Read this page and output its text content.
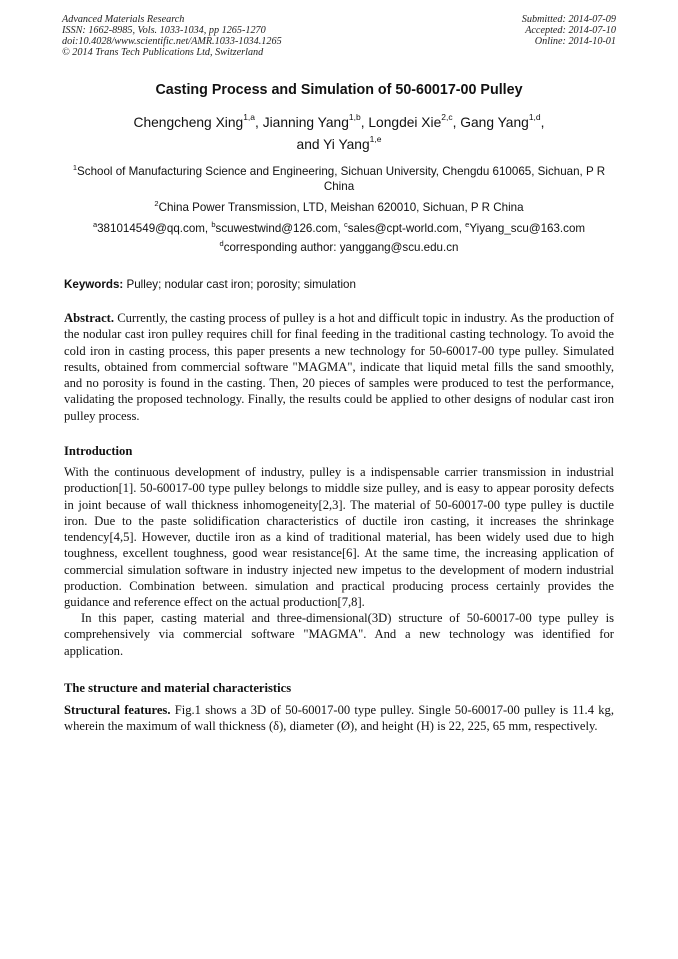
Advanced Materials Research
ISSN: 1662-8985, Vols. 1033-1034, pp 1265-1270
doi:10.4028/www.scientific.net/AMR.1033-1034.1265
© 2014 Trans Tech Publications Ltd, Switzerland
Submitted: 2014-07-09
Accepted: 2014-07-10
Online: 2014-10-01
Casting Process and Simulation of 50-60017-00 Pulley
Chengcheng Xing$^{1,a}$, Jianning Yang$^{1,b}$, Longdei Xie$^{2,c}$, Gang Yang$^{1,d}$,
and Yi Yang$^{1,e}$
$^1$School of Manufacturing Science and Engineering, Sichuan University, Chengdu 610065, Sichuan, P R China
$^2$China Power Transmission, LTD, Meishan 620010, Sichuan, P R China
$^a$381014549@qq.com, $^b$scuwestwind@126.com, $^c$sales@cpt-world.com, $^e$Yiyang_scu@163.com
$^d$corresponding author: yanggang@scu.edu.cn
Keywords: Pulley; nodular cast iron; porosity; simulation
Abstract. Currently, the casting process of pulley is a hot and difficult topic in industry. As the production of the nodular cast iron pulley requires chill for final feeding in the traditional casting technology. To avoid the cold iron in casting process, this paper presents a new technology for 50-60017-00 type pulley. Simulated results, obtained from commercial software "MAGMA", indicate that liquid metal fills the sand smoothly, and no porosity is found in the casting. Then, 20 pieces of samples were produced to test the performance, validating the proposed technology. Finally, the results could be applied to other designs of nodular cast iron pulley process.
Introduction
With the continuous development of industry, pulley is a indispensable carrier transmission in industrial production[1]. 50-60017-00 type pulley belongs to middle size pulley, and is easy to appear porosity defects in joint because of wall thickness inhomogeneity[2,3]. The material of 50-60017-00 type pulley is ductile iron. Due to the paste solidification characteristics of ductile iron casting, it increases the shrinkage tendency[4,5]. However, ductile iron as a kind of traditional material, has been widely used due to high toughness, excellent toughness, good wear resistance[6]. At the same time, the increasing application of commercial simulation software in industry injected new impetus to the development of modern industrial production. Combination between. simulation and practical producing process certainly provides the guidance and reference effect on the actual production[7,8].
In this paper, casting material and three-dimensional(3D) structure of 50-60017-00 type pulley is comprehensively via commercial software "MAGMA". And a new technology was identified for application.
The structure and material characteristics
Structural features. Fig.1 shows a 3D of 50-60017-00 type pulley. Single 50-60017-00 pulley is 11.4 kg, wherein the maximum of wall thickness (δ), diameter (Ø), and height (H) is 22, 225, 65 mm, respectively.
